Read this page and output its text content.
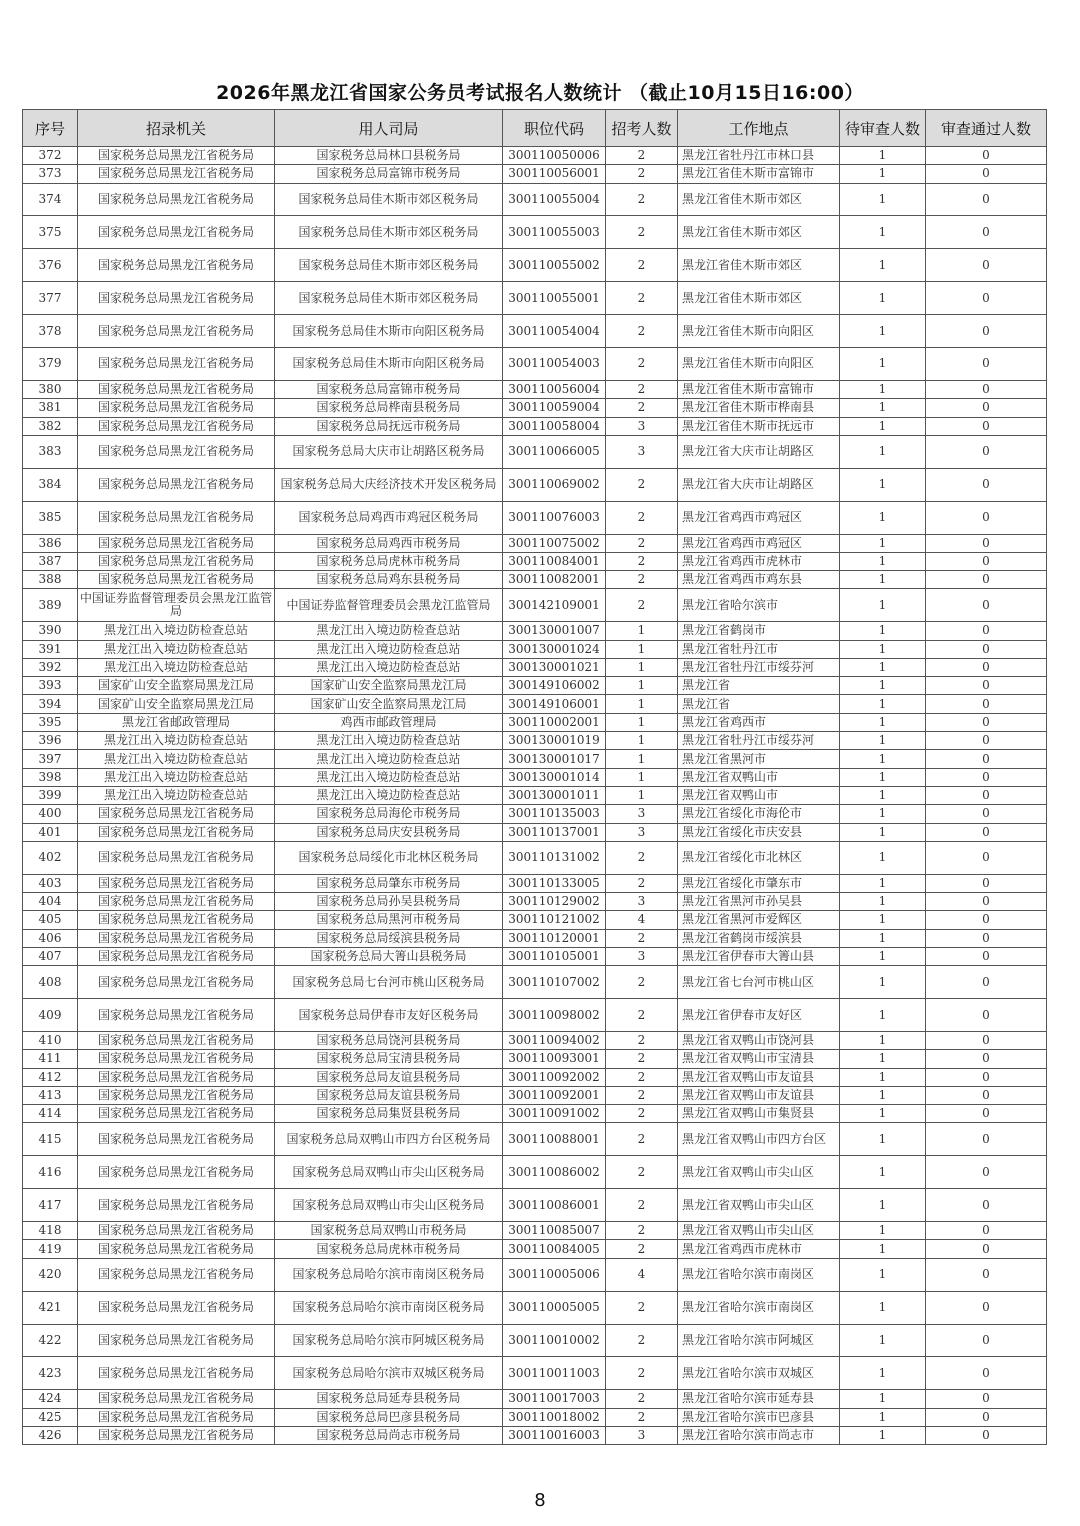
2026年黑龙江省国家公务员考试报名人数统计 （截止10月15日16:00）
序号	招录机关	用人司局	职位代码	招考人数	工作地点	待审查人数	审查通过人数
372	国家税务总局黑龙江省税务局	国家税务总局林口县税务局	300110050006	2	黑龙江省牡丹江市林口县	1	0
373	国家税务总局黑龙江省税务局	国家税务总局富锦市税务局	300110056001	2	黑龙江省佳木斯市富锦市	1	0
374	国家税务总局黑龙江省税务局	国家税务总局佳木斯市郊区税务局	300110055004	2	黑龙江省佳木斯市郊区	1	0
375	国家税务总局黑龙江省税务局	国家税务总局佳木斯市郊区税务局	300110055003	2	黑龙江省佳木斯市郊区	1	0
376	国家税务总局黑龙江省税务局	国家税务总局佳木斯市郊区税务局	300110055002	2	黑龙江省佳木斯市郊区	1	0
377	国家税务总局黑龙江省税务局	国家税务总局佳木斯市郊区税务局	300110055001	2	黑龙江省佳木斯市郊区	1	0
378	国家税务总局黑龙江省税务局	国家税务总局佳木斯市向阳区税务局	300110054004	2	黑龙江省佳木斯市向阳区	1	0
379	国家税务总局黑龙江省税务局	国家税务总局佳木斯市向阳区税务局	300110054003	2	黑龙江省佳木斯市向阳区	1	0
380	国家税务总局黑龙江省税务局	国家税务总局富锦市税务局	300110056004	2	黑龙江省佳木斯市富锦市	1	0
381	国家税务总局黑龙江省税务局	国家税务总局桦南县税务局	300110059004	2	黑龙江省佳木斯市桦南县	1	0
382	国家税务总局黑龙江省税务局	国家税务总局抚远市税务局	300110058004	3	黑龙江省佳木斯市抚远市	1	0
383	国家税务总局黑龙江省税务局	国家税务总局大庆市让胡路区税务局	300110066005	3	黑龙江省大庆市让胡路区	1	0
384	国家税务总局黑龙江省税务局	国家税务总局大庆经济技术开发区税务局	300110069002	2	黑龙江省大庆市让胡路区	1	0
385	国家税务总局黑龙江省税务局	国家税务总局鸡西市鸡冠区税务局	300110076003	2	黑龙江省鸡西市鸡冠区	1	0
386	国家税务总局黑龙江省税务局	国家税务总局鸡西市税务局	300110075002	2	黑龙江省鸡西市鸡冠区	1	0
387	国家税务总局黑龙江省税务局	国家税务总局虎林市税务局	300110084001	2	黑龙江省鸡西市虎林市	1	0
388	国家税务总局黑龙江省税务局	国家税务总局鸡东县税务局	300110082001	2	黑龙江省鸡西市鸡东县	1	0
389	中国证券监督管理委员会黑龙江监管局	中国证券监督管理委员会黑龙江监管局	300142109001	2	黑龙江省哈尔滨市	1	0
390	黑龙江出入境边防检查总站	黑龙江出入境边防检查总站	300130001007	1	黑龙江省鹤岗市	1	0
391	黑龙江出入境边防检查总站	黑龙江出入境边防检查总站	300130001024	1	黑龙江省牡丹江市	1	0
392	黑龙江出入境边防检查总站	黑龙江出入境边防检查总站	300130001021	1	黑龙江省牡丹江市绥芬河	1	0
393	国家矿山安全监察局黑龙江局	国家矿山安全监察局黑龙江局	300149106002	1	黑龙江省	1	0
394	国家矿山安全监察局黑龙江局	国家矿山安全监察局黑龙江局	300149106001	1	黑龙江省	1	0
395	黑龙江省邮政管理局	鸡西市邮政管理局	300110002001	1	黑龙江省鸡西市	1	0
396	黑龙江出入境边防检查总站	黑龙江出入境边防检查总站	300130001019	1	黑龙江省牡丹江市绥芬河	1	0
397	黑龙江出入境边防检查总站	黑龙江出入境边防检查总站	300130001017	1	黑龙江省黑河市	1	0
398	黑龙江出入境边防检查总站	黑龙江出入境边防检查总站	300130001014	1	黑龙江省双鸭山市	1	0
399	黑龙江出入境边防检查总站	黑龙江出入境边防检查总站	300130001011	1	黑龙江省双鸭山市	1	0
400	国家税务总局黑龙江省税务局	国家税务总局海伦市税务局	300110135003	3	黑龙江省绥化市海伦市	1	0
401	国家税务总局黑龙江省税务局	国家税务总局庆安县税务局	300110137001	3	黑龙江省绥化市庆安县	1	0
402	国家税务总局黑龙江省税务局	国家税务总局绥化市北林区税务局	300110131002	2	黑龙江省绥化市北林区	1	0
403	国家税务总局黑龙江省税务局	国家税务总局肇东市税务局	300110133005	2	黑龙江省绥化市肇东市	1	0
404	国家税务总局黑龙江省税务局	国家税务总局孙吴县税务局	300110129002	3	黑龙江省黑河市孙吴县	1	0
405	国家税务总局黑龙江省税务局	国家税务总局黑河市税务局	300110121002	4	黑龙江省黑河市爱辉区	1	0
406	国家税务总局黑龙江省税务局	国家税务总局绥滨县税务局	300110120001	2	黑龙江省鹤岗市绥滨县	1	0
407	国家税务总局黑龙江省税务局	国家税务总局大箐山县税务局	300110105001	3	黑龙江省伊春市大箐山县	1	0
408	国家税务总局黑龙江省税务局	国家税务总局七台河市桃山区税务局	300110107002	2	黑龙江省七台河市桃山区	1	0
409	国家税务总局黑龙江省税务局	国家税务总局伊春市友好区税务局	300110098002	2	黑龙江省伊春市友好区	1	0
410	国家税务总局黑龙江省税务局	国家税务总局饶河县税务局	300110094002	2	黑龙江省双鸭山市饶河县	1	0
411	国家税务总局黑龙江省税务局	国家税务总局宝清县税务局	300110093001	2	黑龙江省双鸭山市宝清县	1	0
412	国家税务总局黑龙江省税务局	国家税务总局友谊县税务局	300110092002	2	黑龙江省双鸭山市友谊县	1	0
413	国家税务总局黑龙江省税务局	国家税务总局友谊县税务局	300110092001	2	黑龙江省双鸭山市友谊县	1	0
414	国家税务总局黑龙江省税务局	国家税务总局集贤县税务局	300110091002	2	黑龙江省双鸭山市集贤县	1	0
415	国家税务总局黑龙江省税务局	国家税务总局双鸭山市四方台区税务局	300110088001	2	黑龙江省双鸭山市四方台区	1	0
416	国家税务总局黑龙江省税务局	国家税务总局双鸭山市尖山区税务局	300110086002	2	黑龙江省双鸭山市尖山区	1	0
417	国家税务总局黑龙江省税务局	国家税务总局双鸭山市尖山区税务局	300110086001	2	黑龙江省双鸭山市尖山区	1	0
418	国家税务总局黑龙江省税务局	国家税务总局双鸭山市税务局	300110085007	2	黑龙江省双鸭山市尖山区	1	0
419	国家税务总局黑龙江省税务局	国家税务总局虎林市税务局	300110084005	2	黑龙江省鸡西市虎林市	1	0
420	国家税务总局黑龙江省税务局	国家税务总局哈尔滨市南岗区税务局	300110005006	4	黑龙江省哈尔滨市南岗区	1	0
421	国家税务总局黑龙江省税务局	国家税务总局哈尔滨市南岗区税务局	300110005005	2	黑龙江省哈尔滨市南岗区	1	0
422	国家税务总局黑龙江省税务局	国家税务总局哈尔滨市阿城区税务局	300110010002	2	黑龙江省哈尔滨市阿城区	1	0
423	国家税务总局黑龙江省税务局	国家税务总局哈尔滨市双城区税务局	300110011003	2	黑龙江省哈尔滨市双城区	1	0
424	国家税务总局黑龙江省税务局	国家税务总局延寿县税务局	300110017003	2	黑龙江省哈尔滨市延寿县	1	0
425	国家税务总局黑龙江省税务局	国家税务总局巴彦县税务局	300110018002	2	黑龙江省哈尔滨市巴彦县	1	0
426	国家税务总局黑龙江省税务局	国家税务总局尚志市税务局	300110016003	3	黑龙江省哈尔滨市尚志市	1	0
8
